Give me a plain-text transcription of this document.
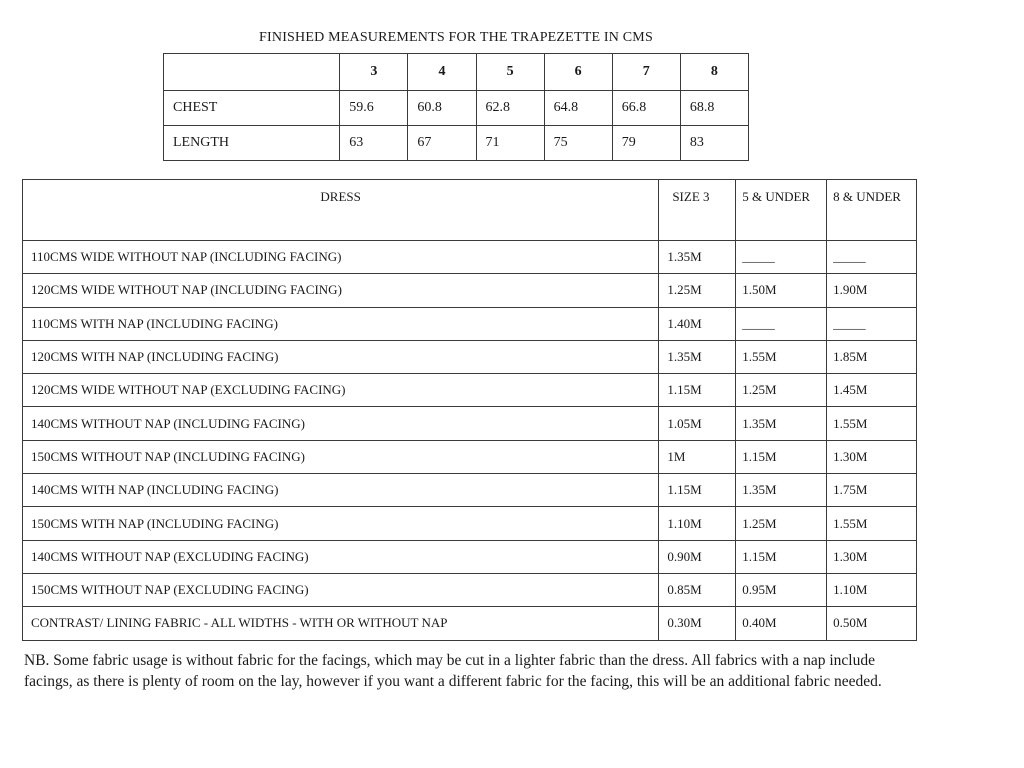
FINISHED MEASUREMENTS FOR THE TRAPEZETTE IN CMS
	3	4	5	6	7	8
CHEST	59.6	60.8	62.8	64.8	66.8	68.8
LENGTH	63	67	71	75	79	83
DRESS	SIZE 3	5 & UNDER	8 & UNDER
110CMS WIDE WITHOUT NAP (INCLUDING FACING)	1.35M	_____	_____
120CMS WIDE WITHOUT NAP (INCLUDING FACING)	1.25M	1.50M	1.90M
110CMS WITH NAP (INCLUDING FACING)	1.40M	_____	_____
120CMS WITH NAP (INCLUDING FACING)	1.35M	1.55M	1.85M
120CMS WIDE WITHOUT NAP (EXCLUDING FACING)	1.15M	1.25M	1.45M
140CMS WITHOUT NAP (INCLUDING FACING)	1.05M	1.35M	1.55M
150CMS WITHOUT NAP (INCLUDING FACING)	1M	1.15M	1.30M
140CMS WITH NAP (INCLUDING FACING)	1.15M	1.35M	1.75M
150CMS WITH NAP (INCLUDING FACING)	1.10M	1.25M	1.55M
140CMS WITHOUT NAP (EXCLUDING FACING)	0.90M	1.15M	1.30M
150CMS WITHOUT NAP (EXCLUDING FACING)	0.85M	0.95M	1.10M
CONTRAST/ LINING FABRIC - ALL WIDTHS - WITH OR WITHOUT NAP	0.30M	0.40M	0.50M
NB. Some fabric usage is without fabric for the facings, which may be cut in a lighter fabric than the dress. All fabrics with a nap include facings, as there is plenty of room on the lay, however if you want a different fabric for the facing, this will be an additional fabric needed.
